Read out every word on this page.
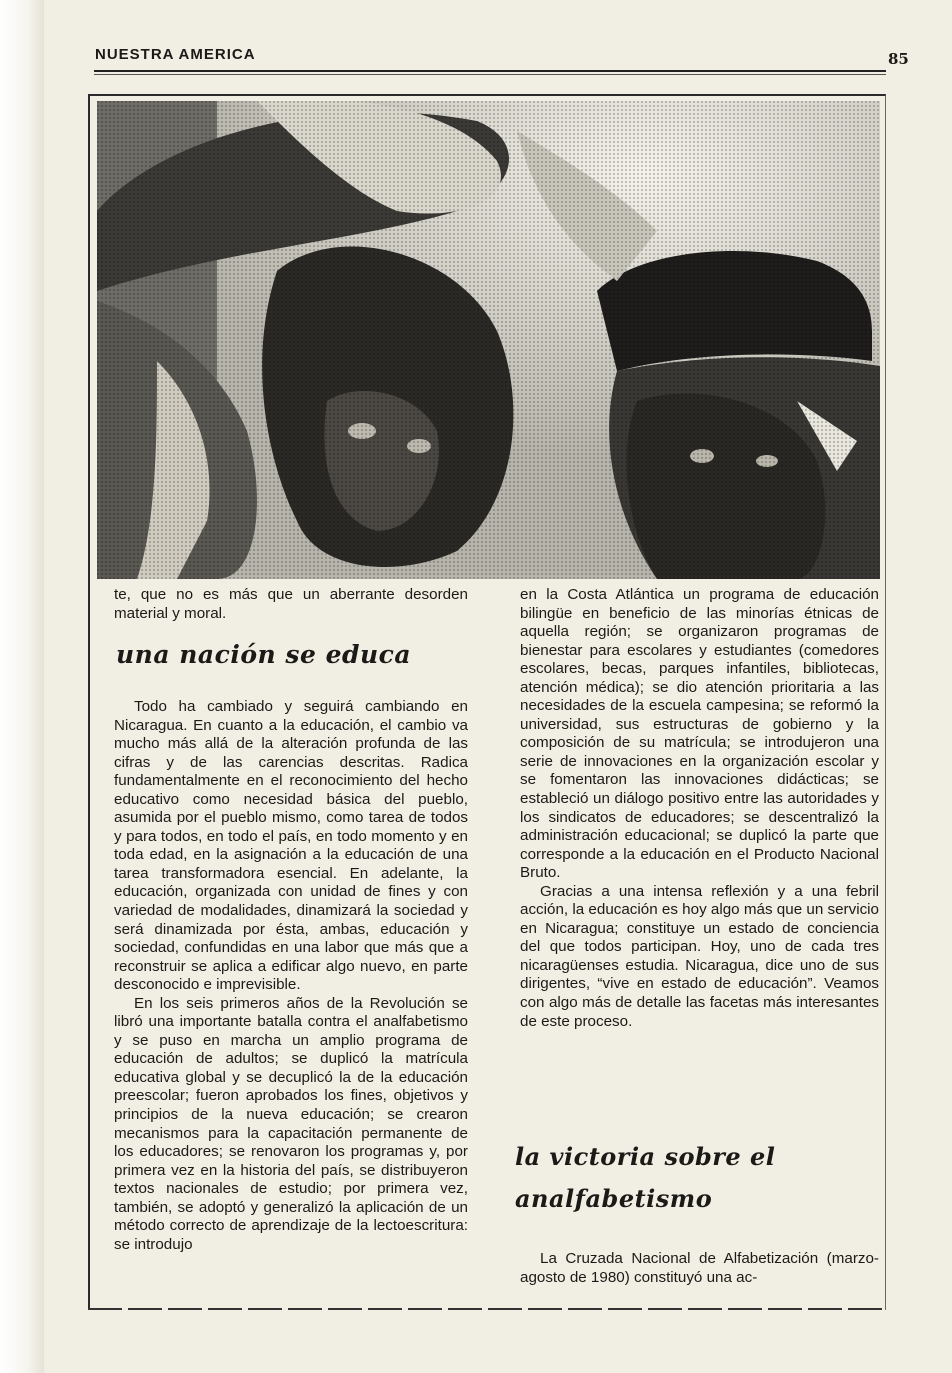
NUESTRA AMERICA	85

te, que no es más que un aberrante desorden material y moral.

una nación se educa

Todo ha cambiado y seguirá cambiando en Nicaragua. En cuanto a la educación, el cambio va mucho más allá de la alteración profunda de las cifras y de las carencias descritas. Radica fundamentalmente en el reconocimiento del hecho educativo como necesidad básica del pueblo, asumida por el pueblo mismo, como tarea de todos y para todos, en todo el país, en todo momento y en toda edad, en la asignación a la educación de una tarea transformadora esencial. En adelante, la educación, organizada con unidad de fines y con variedad de modalidades, dinamizará la sociedad y será dinamizada por ésta, ambas, educación y sociedad, confundidas en una labor que más que a reconstruir se aplica a edificar algo nuevo, en parte desconocido e imprevisible.

En los seis primeros años de la Revolución se libró una importante batalla contra el analfabetismo y se puso en marcha un amplio programa de educación de adultos; se duplicó la matrícula educativa global y se decuplicó la de la educación preescolar; fueron aprobados los fines, objetivos y principios de la nueva educación; se crearon mecanismos para la capacitación permanente de los educadores; se renovaron los programas y, por primera vez en la historia del país, se distribuyeron textos nacionales de estudio; por primera vez, también, se adoptó y generalizó la aplicación de un método correcto de aprendizaje de la lectoescritura: se introdujo

en la Costa Atlántica un programa de educación bilingüe en beneficio de las minorías étnicas de aquella región; se organizaron programas de bienestar para escolares y estudiantes (comedores escolares, becas, parques infantiles, bibliotecas, atención médica); se dio atención prioritaria a las necesidades de la escuela campesina; se reformó la universidad, sus estructuras de gobierno y la composición de su matrícula; se introdujeron una serie de innovaciones en la organización escolar y se fomentaron las innovaciones didácticas; se estableció un diálogo positivo entre las autoridades y los sindicatos de educadores; se descentralizó la administración educacional; se duplicó la parte que corresponde a la educación en el Producto Nacional Bruto.

Gracias a una intensa reflexión y a una febril acción, la educación es hoy algo más que un servicio en Nicaragua; constituye un estado de conciencia del que todos participan. Hoy, uno de cada tres nicaragüenses estudia. Nicaragua, dice uno de sus dirigentes, “vive en estado de educación”. Veamos con algo más de detalle las facetas más interesantes de este proceso.

la victoria sobre el
analfabetismo

La Cruzada Nacional de Alfabetización (marzo-agosto de 1980) constituyó una ac-
